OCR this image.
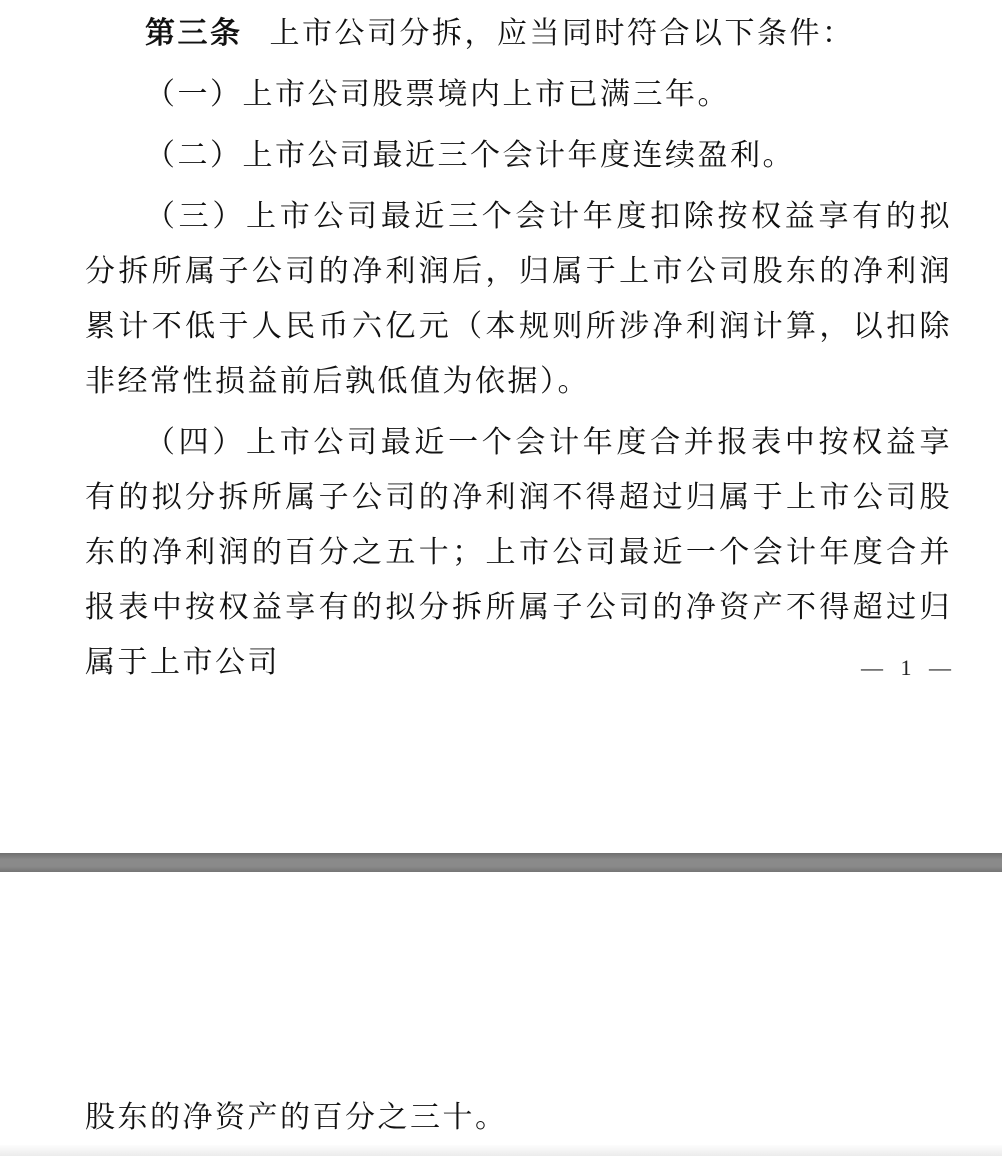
第三条 上市公司分拆，应当同时符合以下条件：

（一）上市公司股票境内上市已满三年。

（二）上市公司最近三个会计年度连续盈利。

（三）上市公司最近三个会计年度扣除按权益享有的拟分拆所属子公司的净利润后，归属于上市公司股东的净利润累计不低于人民币六亿元（本规则所涉净利润计算，以扣除非经常性损益前后孰低值为依据）。

（四）上市公司最近一个会计年度合并报表中按权益享有的拟分拆所属子公司的净利润不得超过归属于上市公司股东的净利润的百分之五十；上市公司最近一个会计年度合并报表中按权益享有的拟分拆所属子公司的净资产不得超过归属于上市公司	— 1 —

股东的净资产的百分之三十。
